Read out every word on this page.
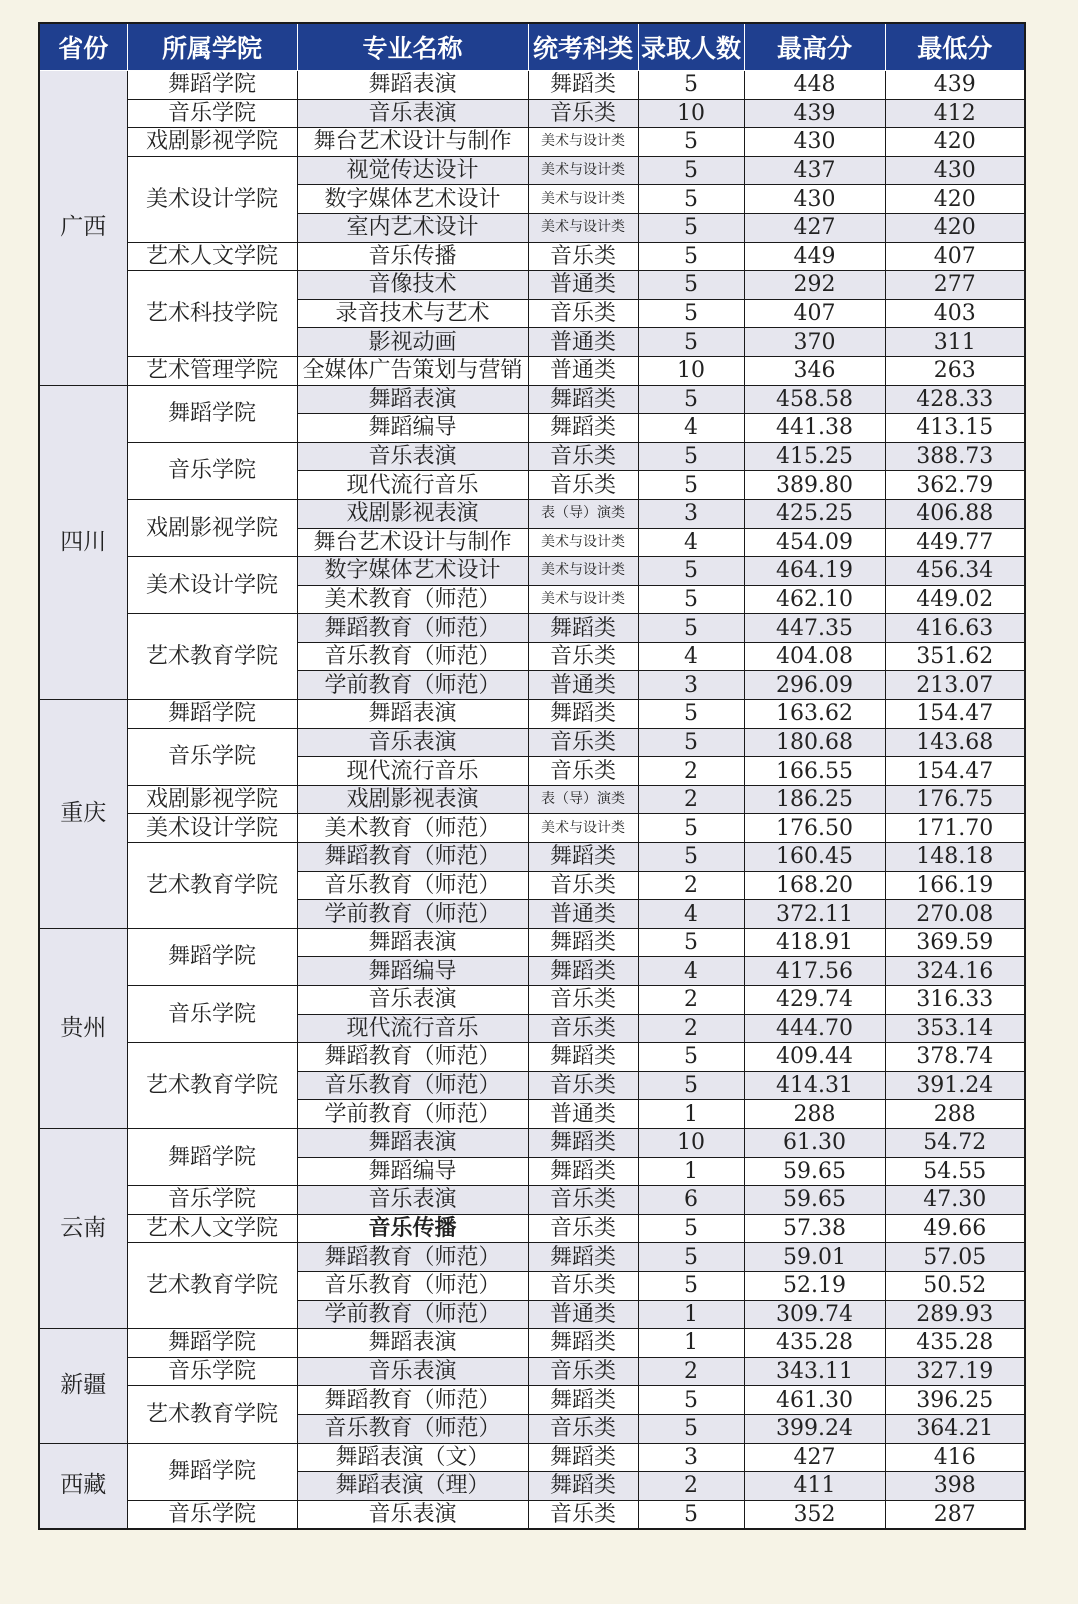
省份	所属学院	专业名称	统考科类	录取人数	最高分	最低分
广西	舞蹈学院	舞蹈表演	舞蹈类	5	448	439
	音乐学院	音乐表演	音乐类	10	439	412
	戏剧影视学院	舞台艺术设计与制作	美术与设计类	5	430	420
	美术设计学院	视觉传达设计	美术与设计类	5	437	430
		数字媒体艺术设计	美术与设计类	5	430	420
		室内艺术设计	美术与设计类	5	427	420
	艺术人文学院	音乐传播	音乐类	5	449	407
	艺术科技学院	音像技术	普通类	5	292	277
		录音技术与艺术	音乐类	5	407	403
		影视动画	普通类	5	370	311
	艺术管理学院	全媒体广告策划与营销	普通类	10	346	263
四川	舞蹈学院	舞蹈表演	舞蹈类	5	458.58	428.33
		舞蹈编导	舞蹈类	4	441.38	413.15
	音乐学院	音乐表演	音乐类	5	415.25	388.73
		现代流行音乐	音乐类	5	389.80	362.79
	戏剧影视学院	戏剧影视表演	表（导）演类	3	425.25	406.88
		舞台艺术设计与制作	美术与设计类	4	454.09	449.77
	美术设计学院	数字媒体艺术设计	美术与设计类	5	464.19	456.34
		美术教育（师范）	美术与设计类	5	462.10	449.02
	艺术教育学院	舞蹈教育（师范）	舞蹈类	5	447.35	416.63
		音乐教育（师范）	音乐类	4	404.08	351.62
		学前教育（师范）	普通类	3	296.09	213.07
重庆	舞蹈学院	舞蹈表演	舞蹈类	5	163.62	154.47
	音乐学院	音乐表演	音乐类	5	180.68	143.68
		现代流行音乐	音乐类	2	166.55	154.47
	戏剧影视学院	戏剧影视表演	表（导）演类	2	186.25	176.75
	美术设计学院	美术教育（师范）	美术与设计类	5	176.50	171.70
	艺术教育学院	舞蹈教育（师范）	舞蹈类	5	160.45	148.18
		音乐教育（师范）	音乐类	2	168.20	166.19
		学前教育（师范）	普通类	4	372.11	270.08
贵州	舞蹈学院	舞蹈表演	舞蹈类	5	418.91	369.59
		舞蹈编导	舞蹈类	4	417.56	324.16
	音乐学院	音乐表演	音乐类	2	429.74	316.33
		现代流行音乐	音乐类	2	444.70	353.14
	艺术教育学院	舞蹈教育（师范）	舞蹈类	5	409.44	378.74
		音乐教育（师范）	音乐类	5	414.31	391.24
		学前教育（师范）	普通类	1	288	288
云南	舞蹈学院	舞蹈表演	舞蹈类	10	61.30	54.72
		舞蹈编导	舞蹈类	1	59.65	54.55
	音乐学院	音乐表演	音乐类	6	59.65	47.30
	艺术人文学院	音乐传播	音乐类	5	57.38	49.66
	艺术教育学院	舞蹈教育（师范）	舞蹈类	5	59.01	57.05
		音乐教育（师范）	音乐类	5	52.19	50.52
		学前教育（师范）	普通类	1	309.74	289.93
新疆	舞蹈学院	舞蹈表演	舞蹈类	1	435.28	435.28
	音乐学院	音乐表演	音乐类	2	343.11	327.19
	艺术教育学院	舞蹈教育（师范）	舞蹈类	5	461.30	396.25
		音乐教育（师范）	音乐类	5	399.24	364.21
西藏	舞蹈学院	舞蹈表演（文）	舞蹈类	3	427	416
		舞蹈表演（理）	舞蹈类	2	411	398
	音乐学院	音乐表演	音乐类	5	352	287
